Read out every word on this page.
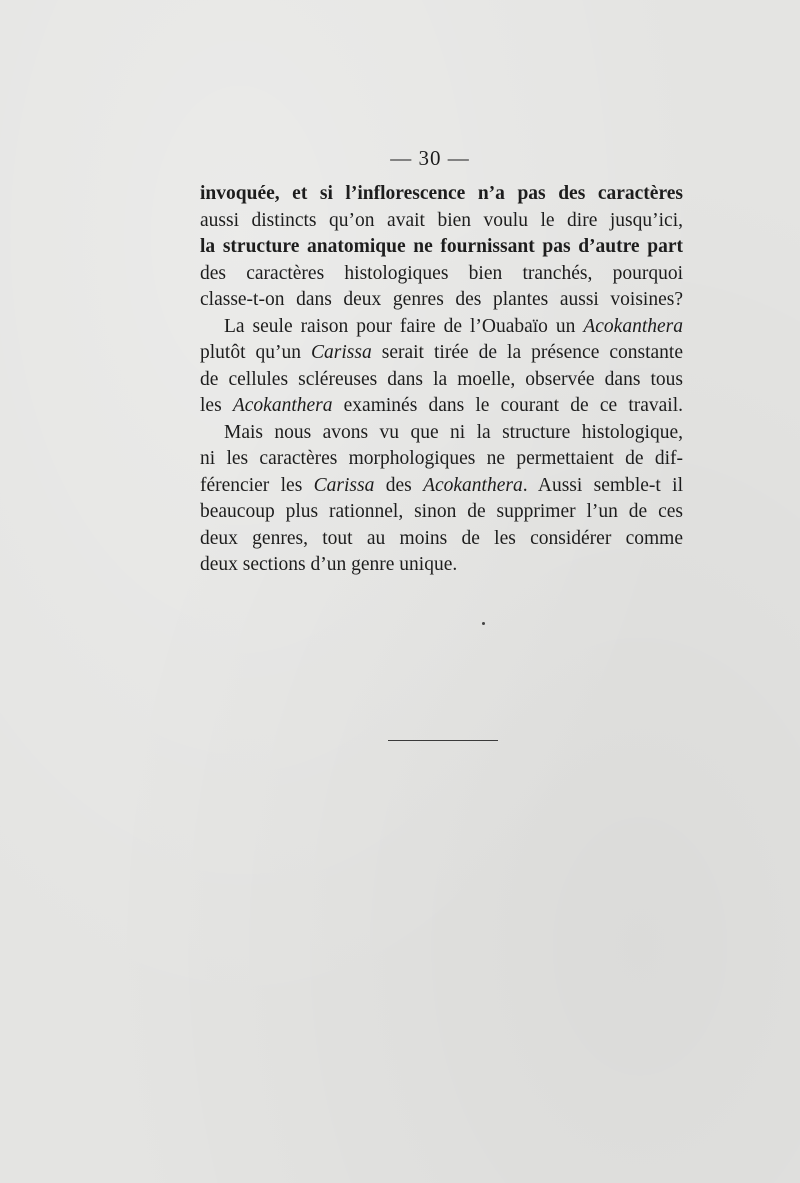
— 30 —
invoquée, et si l’inflorescence n’a pas des caractères
aussi distincts qu’on avait bien voulu le dire jusqu’ici,
la structure anatomique ne fournissant pas d’autre part
des caractères histologiques bien tranchés, pourquoi
classe-t-on dans deux genres des plantes aussi voisines?
La seule raison pour faire de l’Ouabaïo un Acokanthera
plutôt qu’un Carissa serait tirée de la présence constante
de cellules scléreuses dans la moelle, observée dans tous
les Acokanthera examinés dans le courant de ce travail.
Mais nous avons vu que ni la structure histologique,
ni les caractères morphologiques ne permettaient de dif-
férencier les Carissa des Acokanthera. Aussi semble-t il
beaucoup plus rationnel, sinon de supprimer l’un de ces
deux genres, tout au moins de les considérer comme
deux sections d’un genre unique.
